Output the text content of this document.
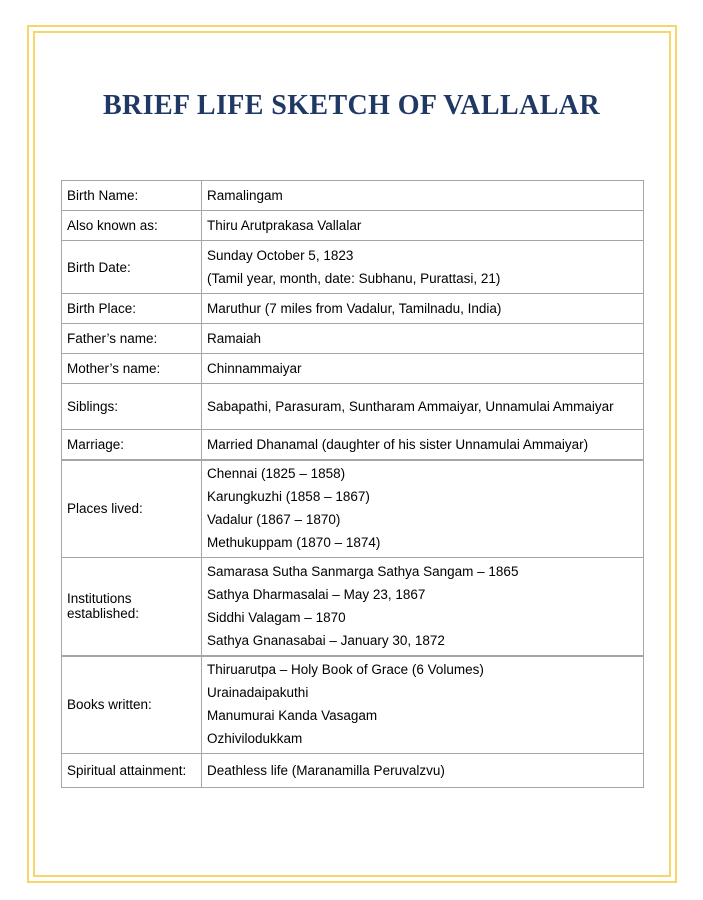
BRIEF LIFE SKETCH OF VALLALAR
Birth Name:	Ramalingam
Also known as:	Thiru Arutprakasa Vallalar
Birth Date:	Sunday October 5, 1823
(Tamil year, month, date: Subhanu, Purattasi, 21)

Birth Place:	Maruthur (7 miles from Vadalur, Tamilnadu, India)
Father’s name:	Ramaiah
Mother’s name:	Chinnammaiyar
Siblings:	Sabapathi, Parasuram, Suntharam Ammaiyar, Unnamulai Ammaiyar
Marriage:	Married Dhanamal (daughter of his sister Unnamulai Ammaiyar)
Places lived:	Chennai (1825 – 1858)
Karungkuzhi (1858 – 1867)
Vadalur (1867 – 1870)
Methukuppam (1870 – 1874)

Institutions established:	Samarasa Sutha Sanmarga Sathya Sangam – 1865
Sathya Dharmasalai – May 23, 1867
Siddhi Valagam – 1870
Sathya Gnanasabai – January 30, 1872

Books written:	Thiruarutpa – Holy Book of Grace (6 Volumes)
Urainadaipakuthi
Manumurai Kanda Vasagam
Ozhivilodukkam

Spiritual attainment:	Deathless life (Maranamilla Peruvalzvu)
